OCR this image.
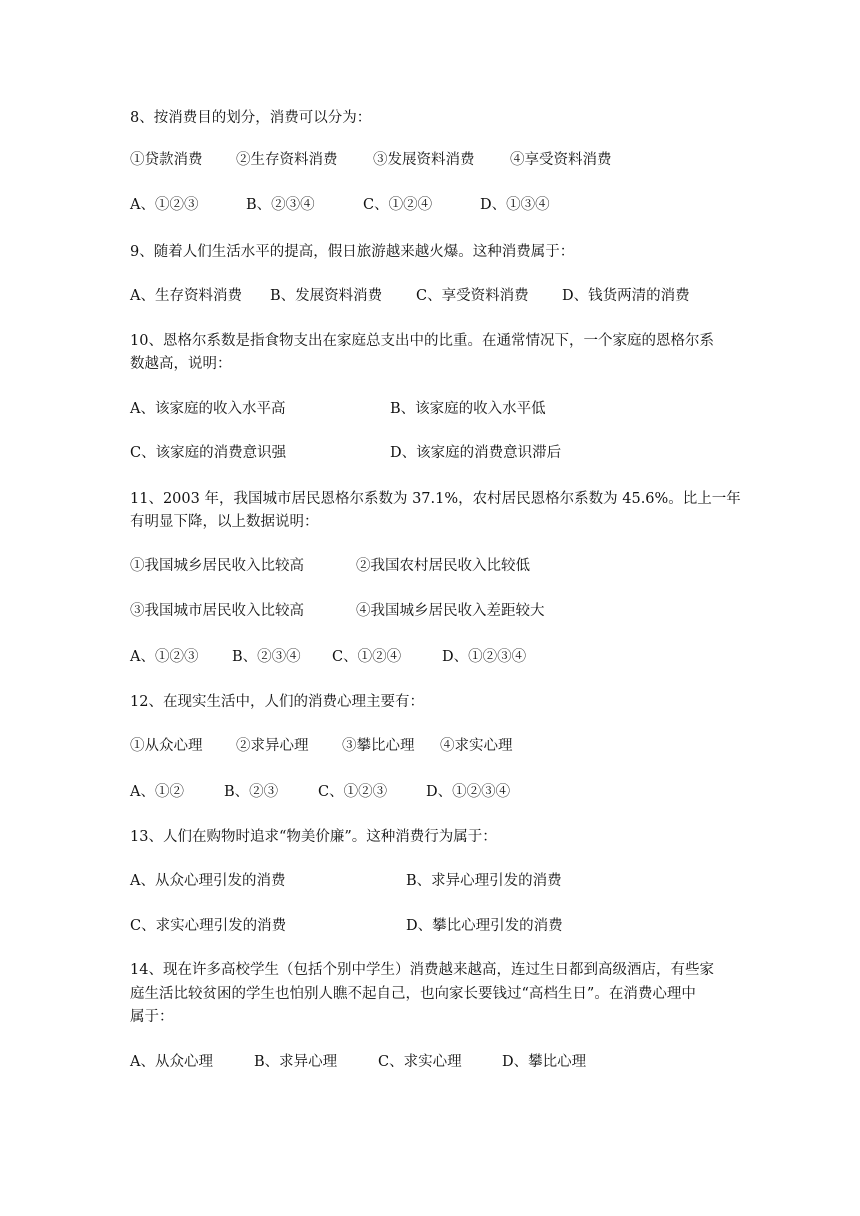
8、按消费目的划分，消费可以分为：
①贷款消费 ②生存资料消费 ③发展资料消费 ④享受资料消费
A、①②③	B、②③④	C、①②④	D、①③④
9、随着人们生活水平的提高，假日旅游越来越火爆。这种消费属于：
A、生存资料消费 B、发展资料消费 C、享受资料消费 D、钱货两清的消费
10、恩格尔系数是指食物支出在家庭总支出中的比重。在通常情况下，一个家庭的恩格尔系
数越高，说明：
A、该家庭的收入水平高	B、该家庭的收入水平低
C、该家庭的消费意识强	D、该家庭的消费意识滞后
11、2003 年，我国城市居民恩格尔系数为 37.1%，农村居民恩格尔系数为 45.6%。比上一年
有明显下降，以上数据说明：
①我国城乡居民收入比较高	②我国农村居民收入比较低
③我国城市居民收入比较高	④我国城乡居民收入差距较大
A、①②③ B、②③④ C、①②④	D、①②③④
12、在现实生活中，人们的消费心理主要有：
①从众心理 ②求异心理 ③攀比心理 ④求实心理
A、①②	B、②③	C、①②③	D、①②③④
13、人们在购物时追求“物美价廉”。这种消费行为属于：
A、从众心理引发的消费	B、求异心理引发的消费
C、求实心理引发的消费	D、攀比心理引发的消费
14、现在许多高校学生（包括个别中学生）消费越来越高，连过生日都到高级酒店，有些家
庭生活比较贫困的学生也怕别人瞧不起自己，也向家长要钱过“高档生日”。在消费心理中
属于：
A、从众心理	B、求异心理	C、求实心理	D、攀比心理
